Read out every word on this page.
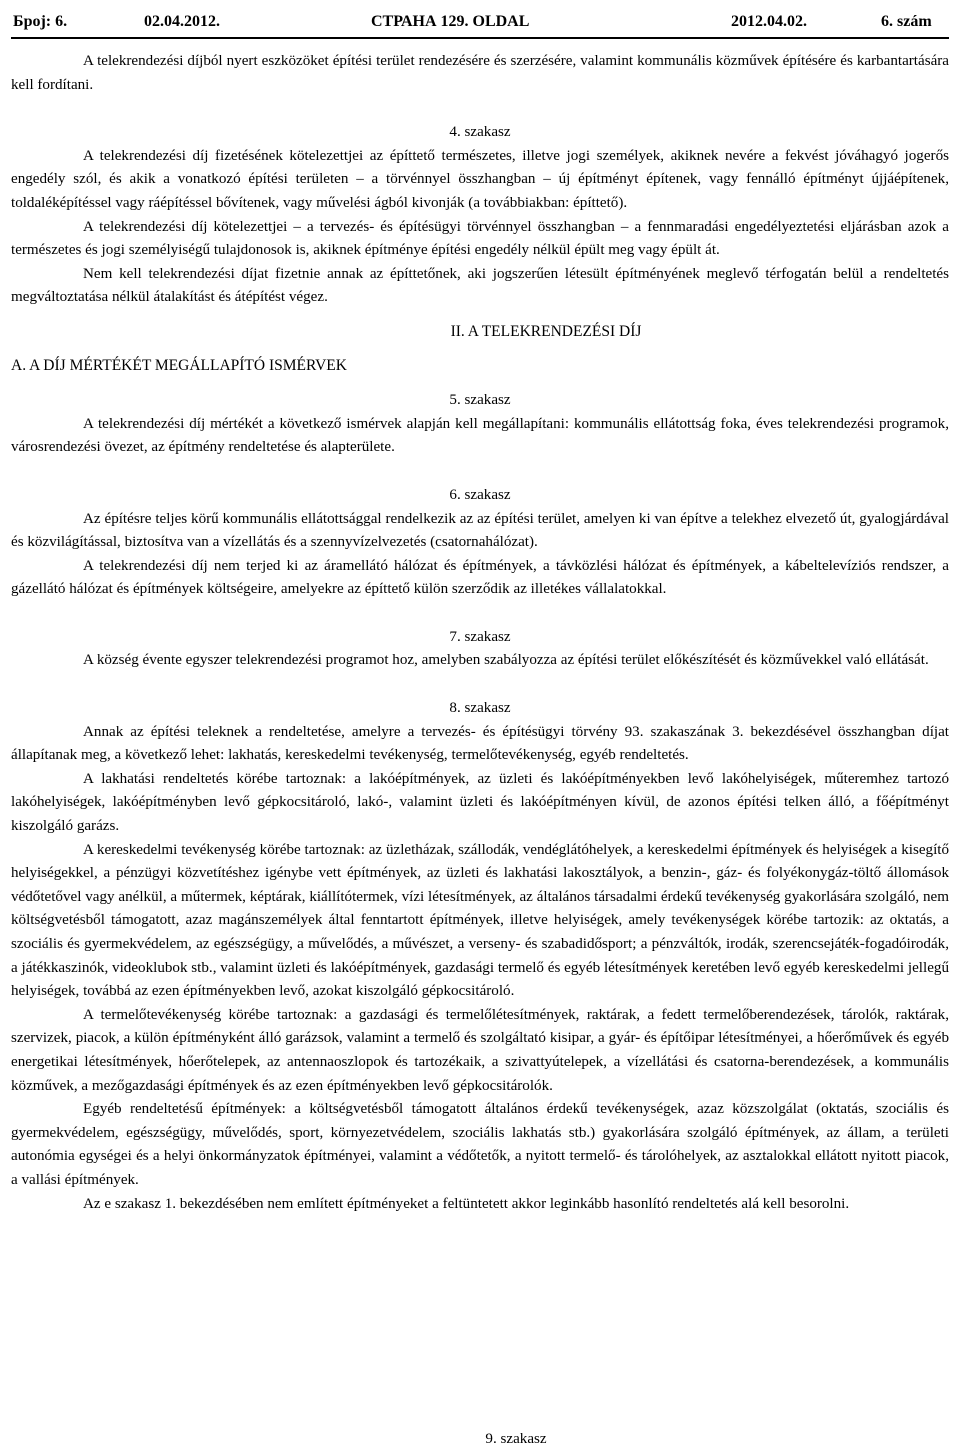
Број: 6.	02.04.2012.	СТРАНА 129. OLDAL	2012.04.02.	6. szám

A telekrendezési díjból nyert eszközöket építési terület rendezésére és szerzésére, valamint kommunális közművek építésére és karbantartására kell fordítani.

4. szakasz

A telekrendezési díj fizetésének kötelezettjei az építtető természetes, illetve jogi személyek, akiknek nevére a fekvést jóváhagyó jogerős engedély szól, és akik a vonatkozó építési területen – a törvénnyel összhangban – új építményt építenek, vagy fennálló építményt újjáépítenek, toldaléképítéssel vagy ráépítéssel bővítenek, vagy művelési ágból kivonják (a továbbiakban: építtető).

A telekrendezési díj kötelezettjei – a tervezés- és építésügyi törvénnyel összhangban – a fennmaradási engedélyeztetési eljárásban azok a természetes és jogi személyiségű tulajdonosok is, akiknek építménye építési engedély nélkül épült meg vagy épült át.

Nem kell telekrendezési díjat fizetnie annak az építtetőnek, aki jogszerűen létesült építményének meglevő térfogatán belül a rendeltetés megváltoztatása nélkül átalakítást és átépítést végez.

II. A TELEKRENDEZÉSI DÍJ

A. A DÍJ MÉRTÉKÉT MEGÁLLAPÍTÓ ISMÉRVEK

5. szakasz

A telekrendezési díj mértékét a következő ismérvek alapján kell megállapítani: kommunális ellátottság foka, éves telekrendezési programok, városrendezési övezet, az építmény rendeltetése és alapterülete.

6. szakasz

Az építésre teljes körű kommunális ellátottsággal rendelkezik az az építési terület, amelyen ki van építve a telekhez elvezető út, gyalogjárdával és közvilágítással, biztosítva van a vízellátás és a szennyvízelvezetés (csatornahálózat).

A telekrendezési díj nem terjed ki az áramellátó hálózat és építmények, a távközlési hálózat és építmények, a kábeltelevíziós rendszer, a gázellátó hálózat és építmények költségeire, amelyekre az építtető külön szerződik az illetékes vállalatokkal.

7. szakasz

A község évente egyszer telekrendezési programot hoz, amelyben szabályozza az építési terület előkészítését és közművekkel való ellátását.

8. szakasz

Annak az építési teleknek a rendeltetése, amelyre a tervezés- és építésügyi törvény 93. szakaszának 3. bekezdésével összhangban díjat állapítanak meg, a következő lehet: lakhatás, kereskedelmi tevékenység, termelőtevékenység, egyéb rendeltetés.

A lakhatási rendeltetés körébe tartoznak: a lakóépítmények, az üzleti és lakóépítményekben levő lakóhelyiségek, műteremhez tartozó lakóhelyiségek, lakóépítményben levő gépkocsitároló, lakó-, valamint üzleti és lakóépítményen kívül, de azonos építési telken álló, a főépítményt kiszolgáló garázs.

A kereskedelmi tevékenység körébe tartoznak: az üzletházak, szállodák, vendéglátóhelyek, a kereskedelmi építmények és helyiségek a kisegítő helyiségekkel, a pénzügyi közvetítéshez igénybe vett építmények, az üzleti és lakhatási lakosztályok, a benzin-, gáz- és folyékonygáz-töltő állomások védőtetővel vagy anélkül, a műtermek, képtárak, kiállítótermek, vízi létesítmények, az általános társadalmi érdekű tevékenység gyakorlására szolgáló, nem költségvetésből támogatott, azaz magánszemélyek által fenntartott építmények, illetve helyiségek, amely tevékenységek körébe tartozik: az oktatás, a szociális és gyermekvédelem, az egészségügy, a művelődés, a művészet, a verseny- és szabadidősport; a pénzváltók, irodák, szerencsejáték-fogadóirodák, a játékkaszinók, videoklubok stb., valamint üzleti és lakóépítmények, gazdasági termelő és egyéb létesítmények keretében levő egyéb kereskedelmi jellegű helyiségek, továbbá az ezen építményekben levő, azokat kiszolgáló gépkocsitároló.

A termelőtevékenység körébe tartoznak: a gazdasági és termelőlétesítmények, raktárak, a fedett termelőberendezések, tárolók, raktárak, szervizek, piacok, a külön építményként álló garázsok, valamint a termelő és szolgáltató kisipar, a gyár- és építőipar létesítményei, a hőerőművek és egyéb energetikai létesítmények, hőerőtelepek, az antennaoszlopok és tartozékaik, a szivattyútelepek, a vízellátási és csatorna-berendezések, a kommunális közművek, a mezőgazdasági építmények és az ezen építményekben levő gépkocsitárolók.

Egyéb rendeltetésű építmények: a költségvetésből támogatott általános érdekű tevékenységek, azaz közszolgálat (oktatás, szociális és gyermekvédelem, egészségügy, művelődés, sport, környezetvédelem, szociális lakhatás stb.) gyakorlására szolgáló építmények, az állam, a területi autonómia egységei és a helyi önkormányzatok építményei, valamint a védőtetők, a nyitott termelő- és tárolóhelyek, az asztalokkal ellátott nyitott piacok, a vallási építmények.

Az e szakasz 1. bekezdésében nem említett építményeket a feltüntetett akkor leginkább hasonlító rendeltetés alá kell besorolni.

9. szakasz
